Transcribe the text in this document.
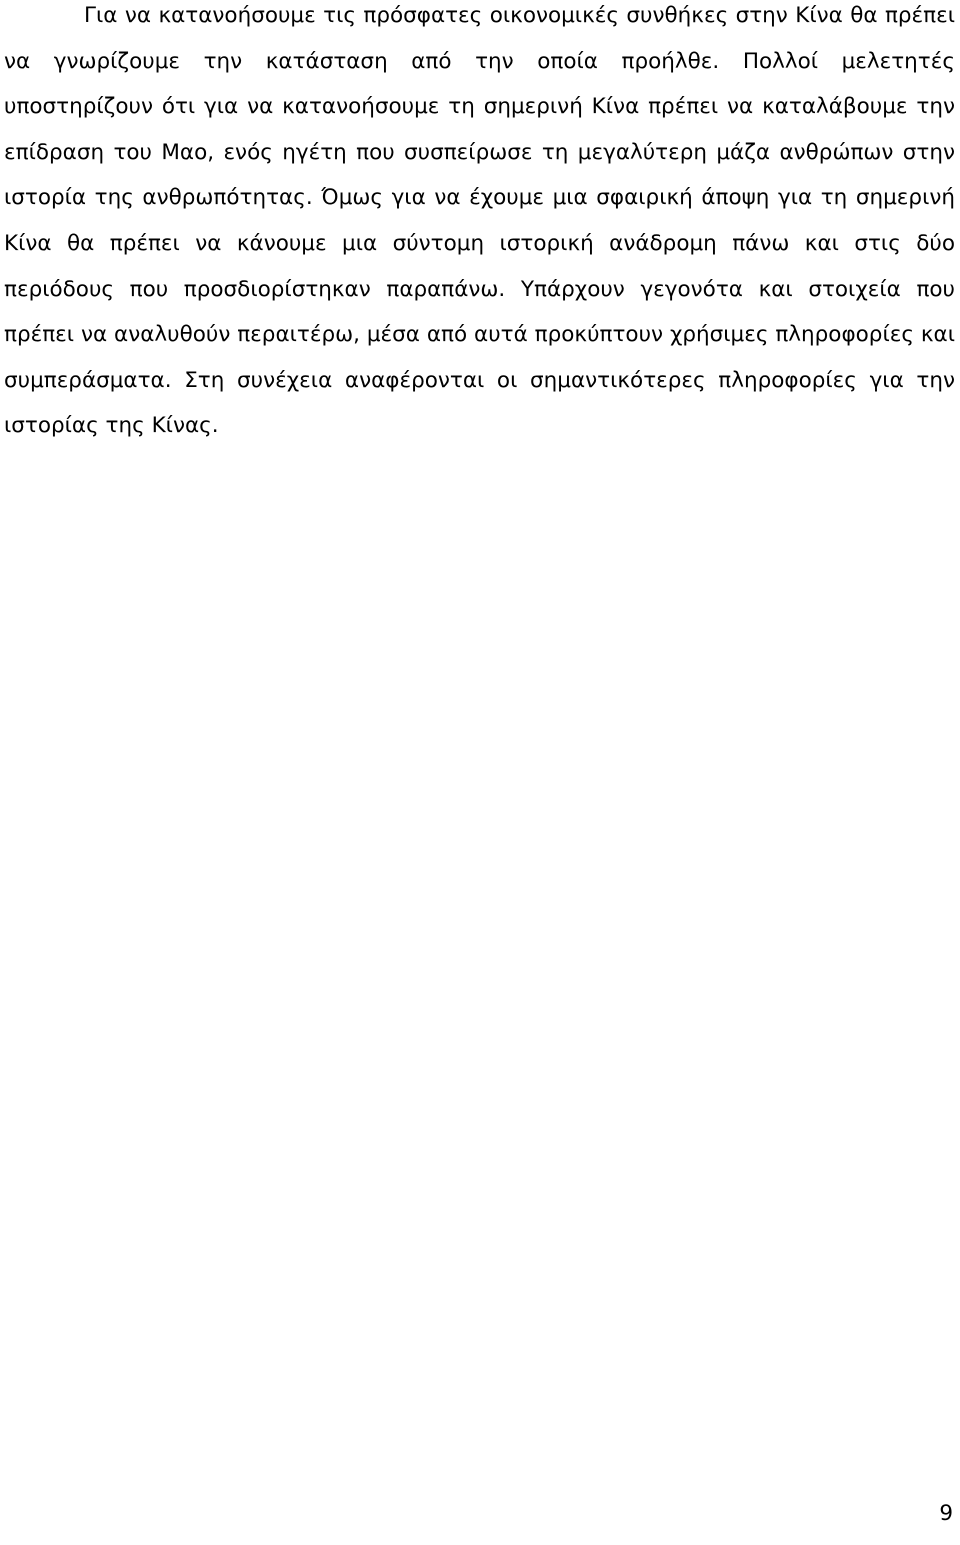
Για να κατανοήσουμε τις πρόσφατες οικονομικές συνθήκες στην Κίνα θα πρέπει να γνωρίζουμε την κατάσταση από την οποία προήλθε. Πολλοί μελετητές υποστηρίζουν ότι για να κατανοήσουμε τη σημερινή Κίνα πρέπει να καταλάβουμε την επίδραση του Μαο, ενός ηγέτη που συσπείρωσε τη μεγαλύτερη μάζα ανθρώπων στην ιστορία της ανθρωπότητας. Όμως για να έχουμε μια σφαιρική άποψη για τη σημερινή Κίνα θα πρέπει να κάνουμε μια σύντομη ιστορική ανάδρομη πάνω και στις δύο περιόδους που προσδιορίστηκαν παραπάνω. Υπάρχουν γεγονότα και στοιχεία που πρέπει να αναλυθούν περαιτέρω, μέσα από αυτά προκύπτουν χρήσιμες πληροφορίες και συμπεράσματα. Στη συνέχεια αναφέρονται οι σημαντικότερες πληροφορίες για την ιστορίας της Κίνας.

9
